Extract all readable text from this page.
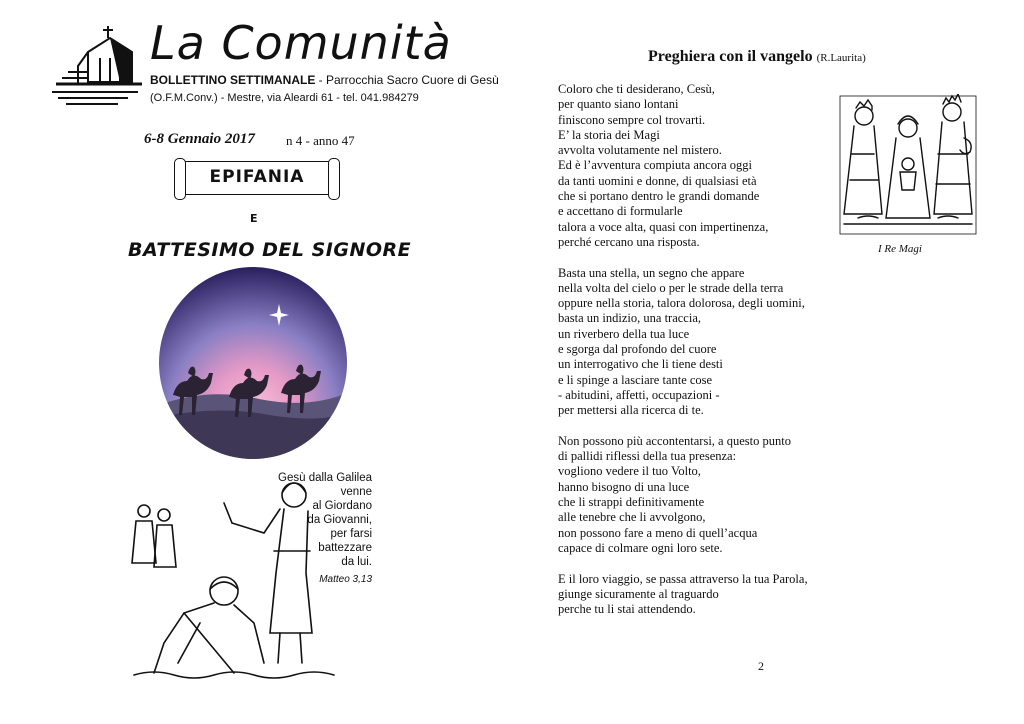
La Comunità
BOLLETTINO SETTIMANALE - Parrocchia Sacro Cuore di Gesù
(O.F.M.Conv.) - Mestre, via Aleardi 61 - tel. 041.984279
6-8 Gennaio 2017 n 4 - anno 47
EPIFANIA
E
BATTESIMO DEL SIGNORE
Gesù dalla Galilea
venne
al Giordano
da Giovanni,
per farsi
battezzare
da lui.
Matteo 3,13
Preghiera con il vangelo (R.Laurita)
Coloro che ti desiderano, Cesù,
per quanto siano lontani
finiscono sempre col trovarti.
E’ la storia dei Magi
avvolta volutamente nel mistero.
Ed è l’avventura compiuta ancora oggi
da tanti uomini e donne, di qualsiasi età
che si portano dentro le grandi domande
e accettano di formularle
talora a voce alta, quasi con impertinenza,
perché cercano una risposta.
Basta una stella, un segno che appare
nella volta del cielo o per le strade della terra
oppure nella storia, talora dolorosa, degli uomini,
basta un indizio, una traccia,
un riverbero della tua luce
e sgorga dal profondo del cuore
un interrogativo che li tiene desti
e li spinge a lasciare tante cose
- abitudini, affetti, occupazioni -
per mettersi alla ricerca di te.
Non possono più accontentarsi, a questo punto
di pallidi riflessi della tua presenza:
vogliono vedere il tuo Volto,
hanno bisogno di una luce
che li strappi definitivamente
alle tenebre che li avvolgono,
non possono fare a meno di quell’acqua
capace di colmare ogni loro sete.
E il loro viaggio, se passa attraverso la tua Parola,
giunge sicuramente al traguardo
perche tu li stai attendendo.
I Re Magi
2
